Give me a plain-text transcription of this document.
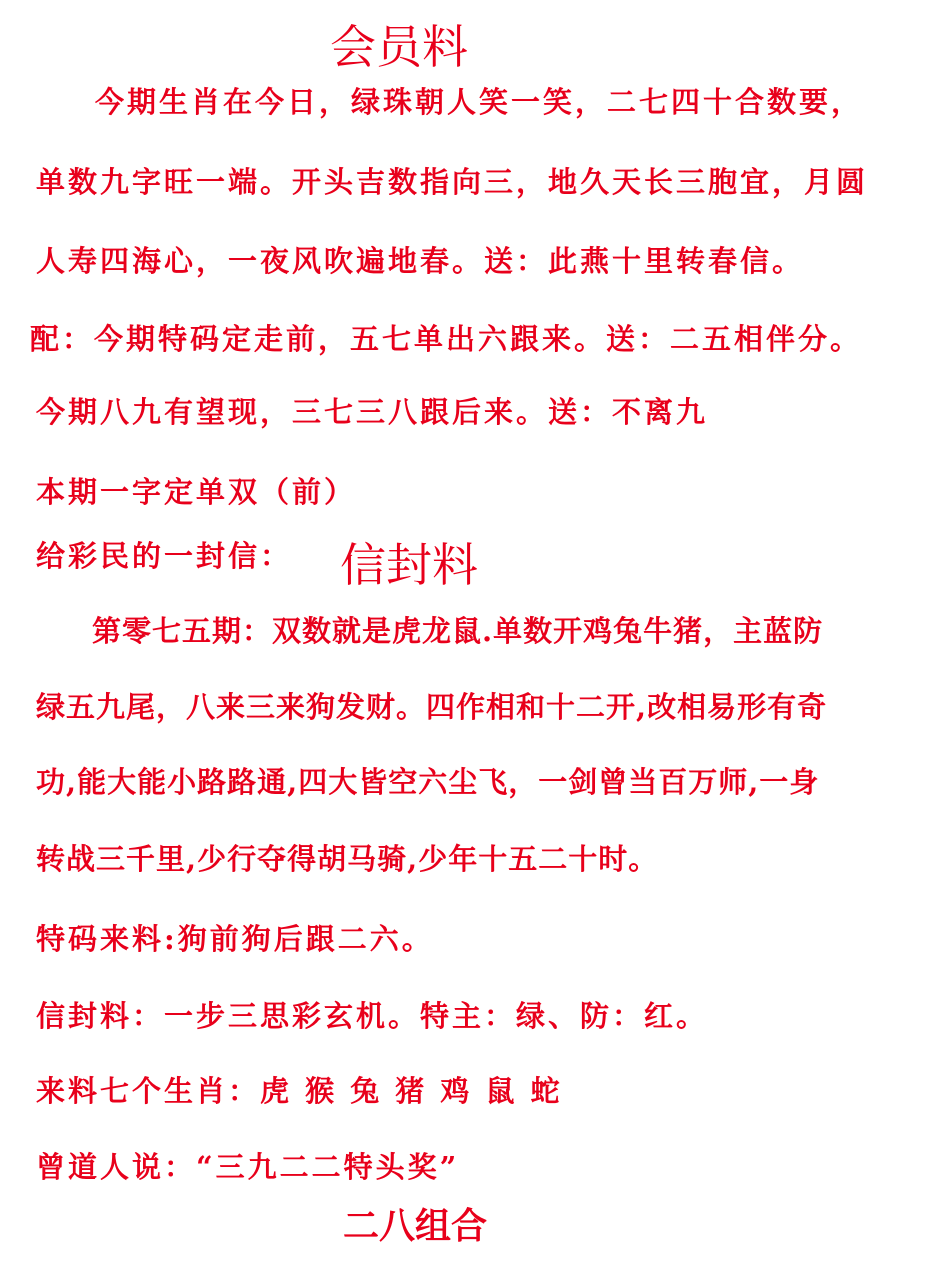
会员料
今期生肖在今日，绿珠朝人笑一笑，二七四十合数要，
单数九字旺一端。开头吉数指向三，地久天长三胞宜，月圆
人寿四海心，一夜风吹遍地春。送：此燕十里转春信。
配：今期特码定走前，五七单出六跟来。送：二五相伴分。
今期八九有望现，三七三八跟后来。送：不离九
本期一字定单双（前）
给彩民的一封信： 信封料
第零七五期：双数就是虎龙鼠.单数开鸡兔牛猪，主蓝防
绿五九尾，八来三来狗发财。四作相和十二开,改相易形有奇
功,能大能小路路通,四大皆空六尘飞，一剑曾当百万师,一身
转战三千里,少行夺得胡马骑,少年十五二十时。
特码来料:狗前狗后跟二六。
信封料：一步三思彩玄机。特主：绿、防：红。
来料七个生肖：虎 猴 兔 猪 鸡 鼠 蛇
曾道人说：“三九二二特头奖”
二八组合
